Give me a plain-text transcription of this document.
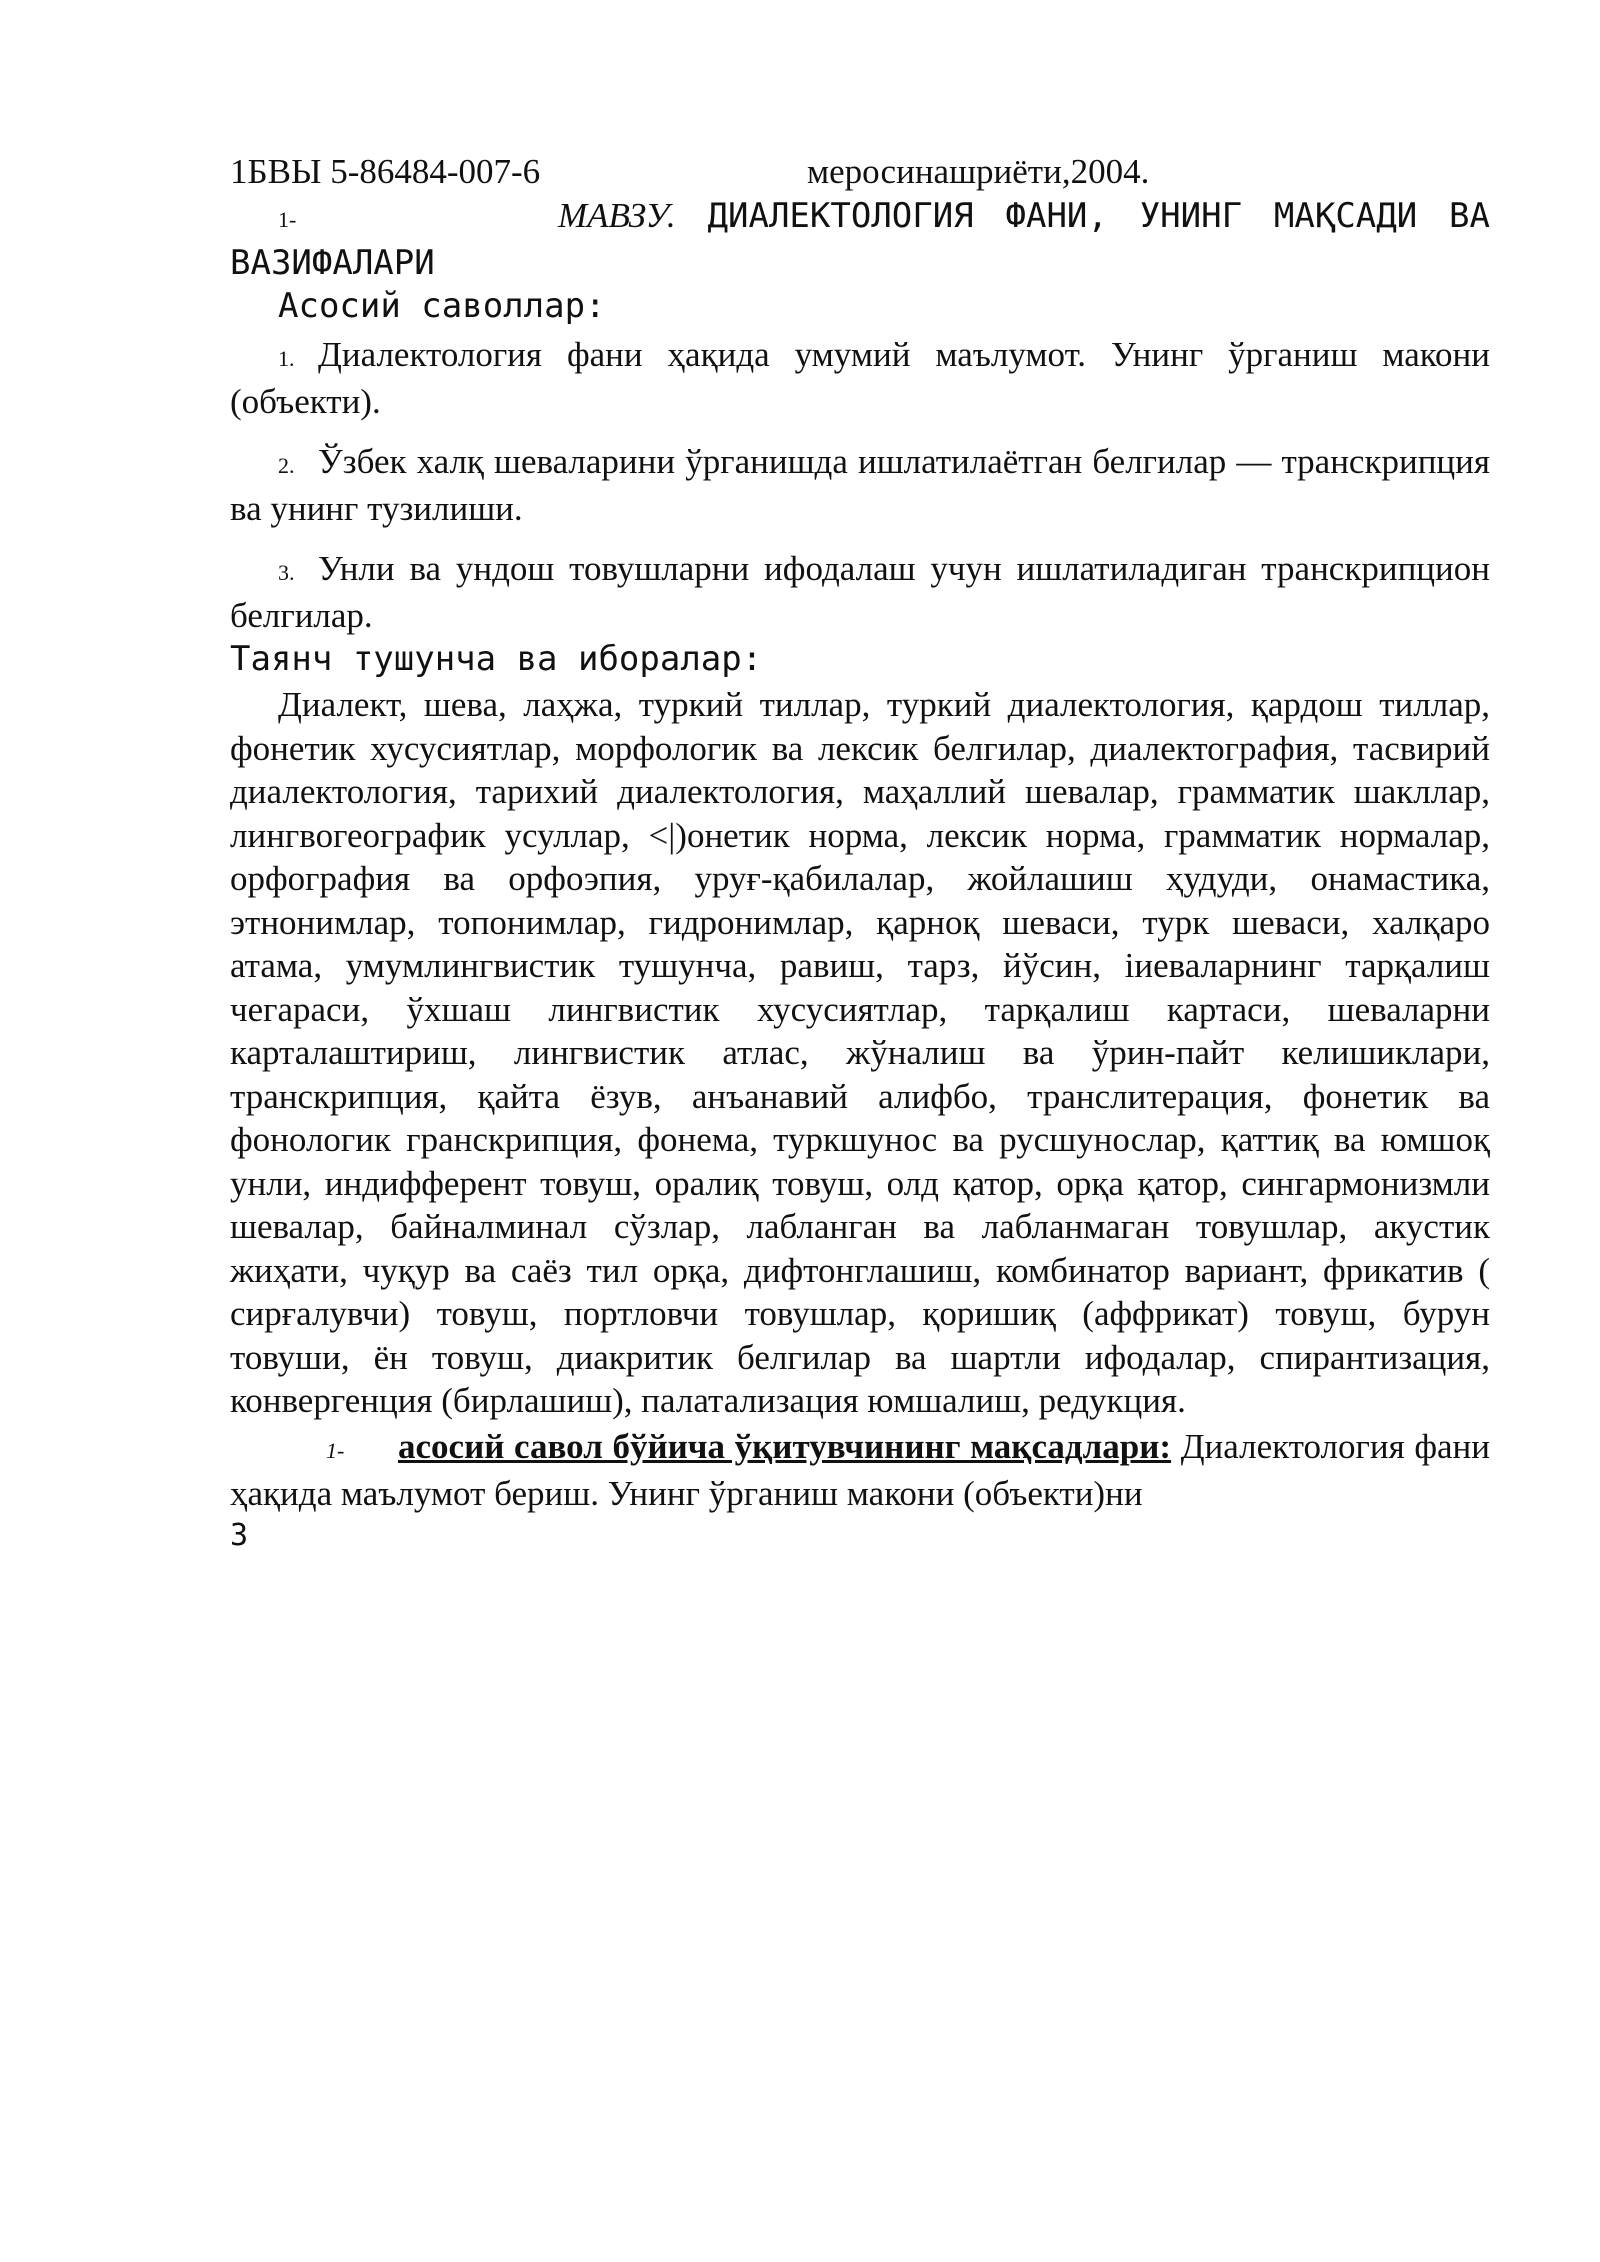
1БВЫ 5-86484-007-6	меросинашриёти,2004.
1-	МАВЗУ. ДИАЛЕКТОЛОГИЯ ФАНИ, УНИНГ МАҚСАДИ ВА ВАЗИФАЛАРИ
Асосий саволлар:
1. Диалектология фани ҳақида умумий маълумот. Унинг ўрганиш макони (объекти).
2. Ўзбек халқ шеваларини ўрганишда ишлатилаётган белгилар — транскрипция ва унинг тузилиши.
3. Унли ва ундош товушларни ифодалаш учун ишлатиладиган транскрипцион белгилар.
Таянч тушунча ва иборалар:
Диалект, шева, лаҳжа, туркий тиллар, туркий диалектология, қардош тиллар, фонетик хусусиятлар, морфологик ва лексик белгилар, диалектография, тасвирий диалектология, тарихий диалектология, маҳаллий шевалар, грамматик шакллар, лингвогеографик усуллар, <|)онетик норма, лексик норма, грамматик нормалар, орфография ва орфоэпия, уруғ-қабилалар, жойлашиш ҳудуди, онамастика, этнонимлар, топонимлар, гидронимлар, қарноқ шеваси, турк шеваси, халқаро атама, умумлингвистик тушунча, равиш, тарз, йўсин, іиеваларнинг тарқалиш чегараси, ўхшаш лингвистик хусусиятлар, тарқалиш картаси, шеваларни карталаштириш, лингвистик атлас, жўналиш ва ўрин-пайт келишиклари, транскрипция, қайта ёзув, анъанавий алифбо, транслитерация, фонетик ва фонологик гранскрипция, фонема, туркшунос ва русшунослар, қаттиқ ва юмшоқ унли, индифферент товуш, оралиқ товуш, олд қатор, орқа қатор, сингармонизмли шевалар, байналминал сўзлар, лабланган ва лабланмаган товушлар, акустик жиҳати, чуқур ва саёз тил орқа, дифтонглашиш, комбинатор вариант, фрикатив ( сирғалувчи) товуш, портловчи товушлар, қоришиқ (аффрикат) товуш, бурун товуши, ён товуш, диакритик белгилар ва шартли ифодалар, спирантизация, конвергенция (бирлашиш), палатализация юмшалиш, редукция.
1- асосий савол бўйича ўқитувчининг мақсадлари: Диалектология фани ҳақида маълумот бериш. Унинг ўрганиш макони (объекти)ни
3
